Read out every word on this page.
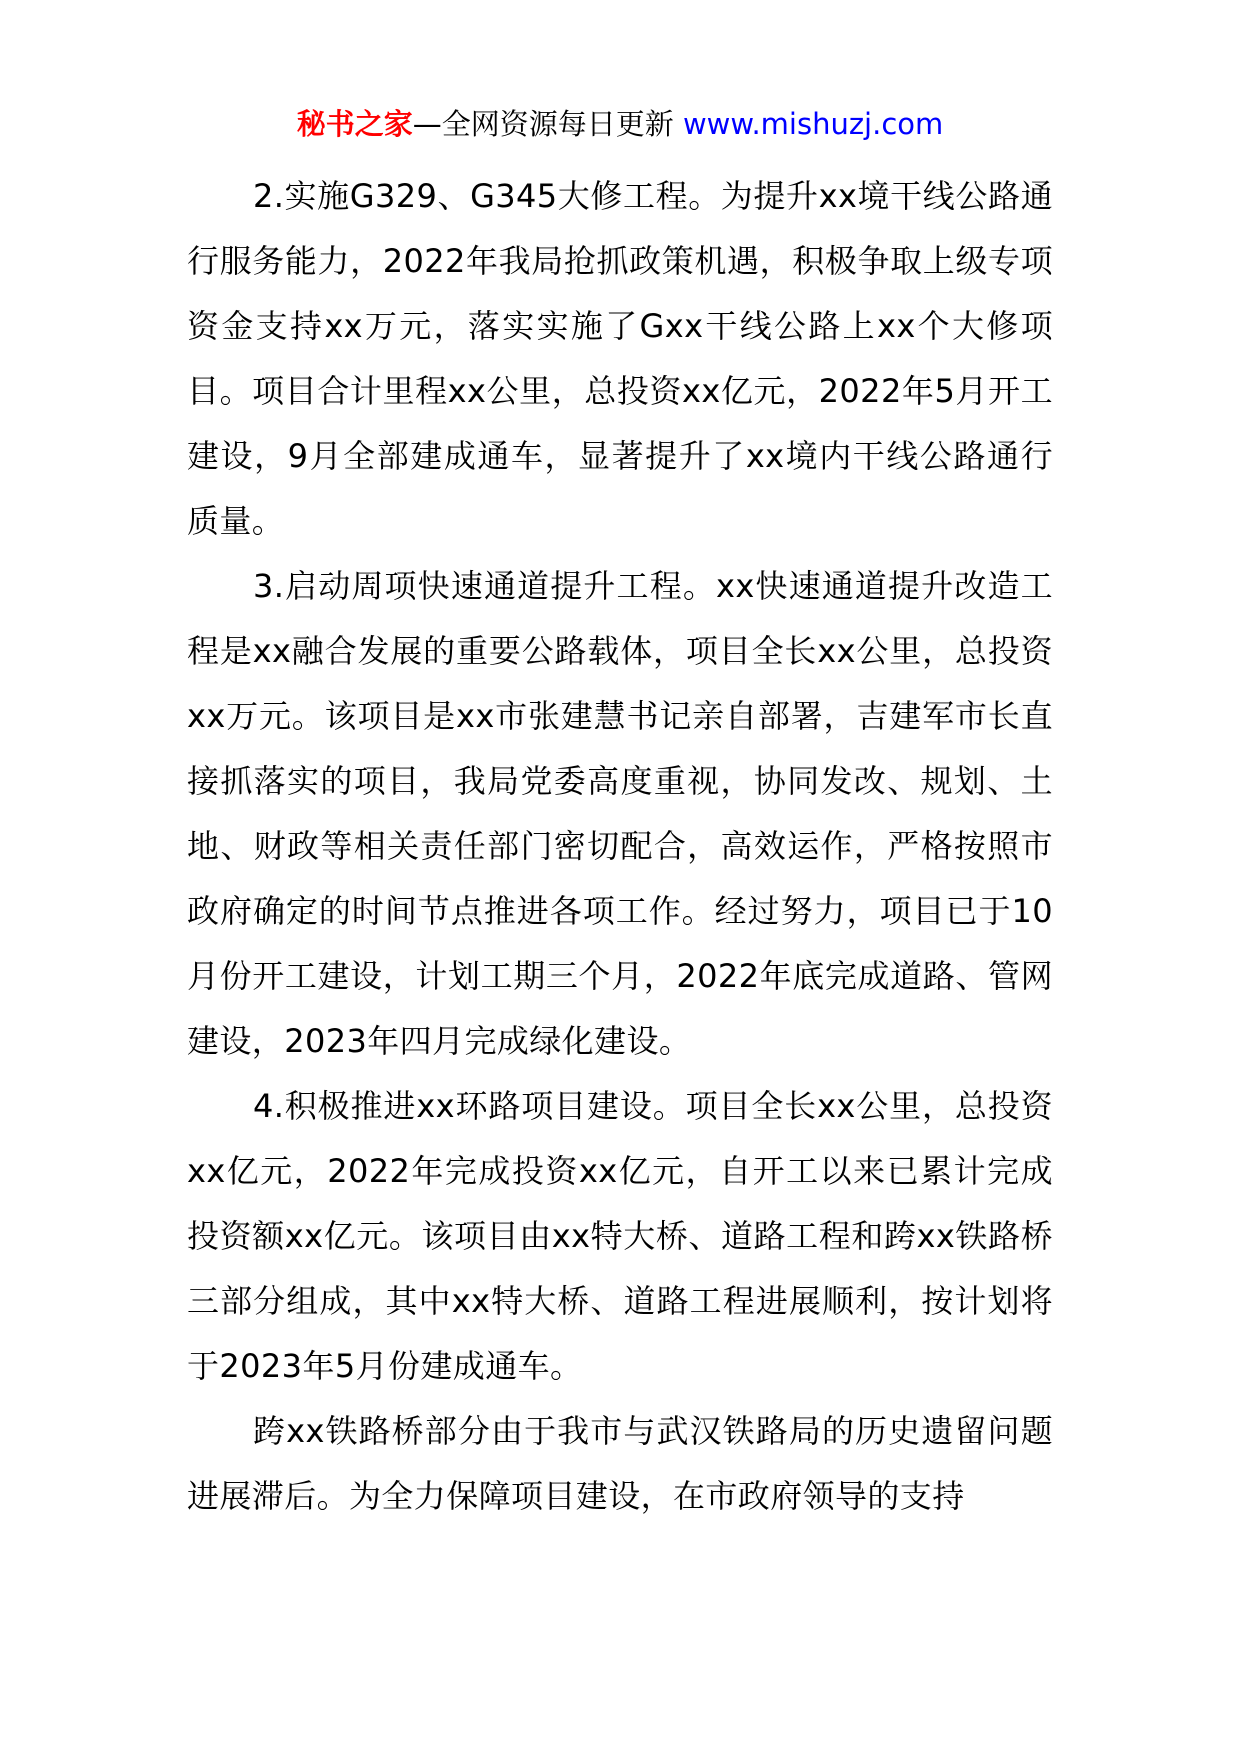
秘书之家—全网资源每日更新 www.mishuzj.com

2.实施G329、G345大修工程。为提升xx境干线公路通行服务能力，2022年我局抢抓政策机遇，积极争取上级专项资金支持xx万元，落实实施了Gxx干线公路上xx个大修项目。项目合计里程xx公里，总投资xx亿元，2022年5月开工建设，9月全部建成通车，显著提升了xx境内干线公路通行质量。

3.启动周项快速通道提升工程。xx快速通道提升改造工程是xx融合发展的重要公路载体，项目全长xx公里，总投资xx万元。该项目是xx市张建慧书记亲自部署，吉建军市长直接抓落实的项目，我局党委高度重视，协同发改、规划、土地、财政等相关责任部门密切配合，高效运作，严格按照市政府确定的时间节点推进各项工作。经过努力，项目已于10月份开工建设，计划工期三个月，2022年底完成道路、管网建设，2023年四月完成绿化建设。

4.积极推进xx环路项目建设。项目全长xx公里，总投资xx亿元，2022年完成投资xx亿元，自开工以来已累计完成投资额xx亿元。该项目由xx特大桥、道路工程和跨xx铁路桥三部分组成，其中xx特大桥、道路工程进展顺利，按计划将于2023年5月份建成通车。

跨xx铁路桥部分由于我市与武汉铁路局的历史遗留问题进展滞后。为全力保障项目建设，在市政府领导的支持
